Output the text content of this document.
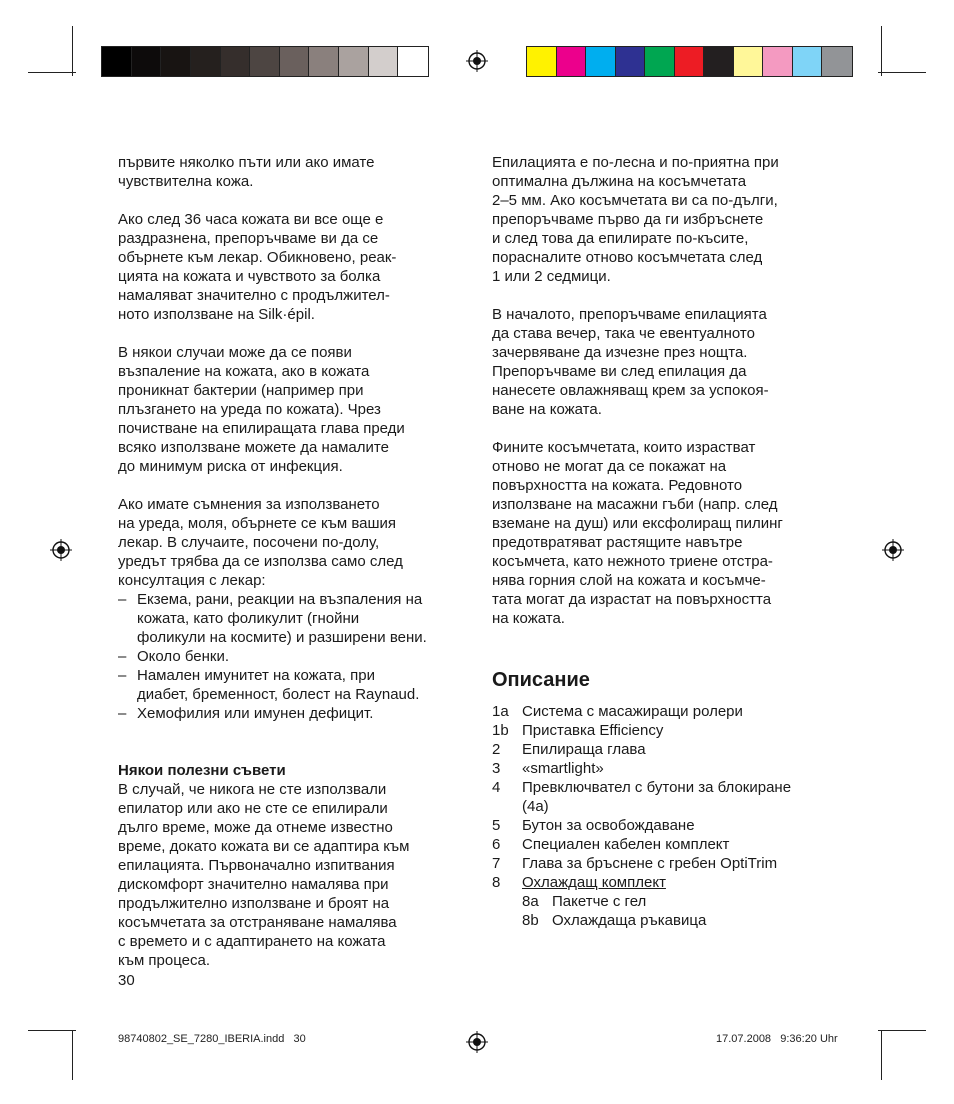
първите няколко пъти или ако имате
чувствителна кожа.

Ако след 36 часа кожата ви все още е
раздразнена, препоръчваме ви да се
обърнете към лекар. Обикновено, реак-
цията на кожата и чувството за болка
намаляват значително с продължител-
ното използване на Silk·épil.

В някои случаи може да се появи
възпаление на кожата, ако в кожата
проникнат бактерии (например при
плъзгането на уреда по кожата). Чрез
почистване на епилиращата глава преди
всяко използване можете да намалите
до минимум риска от инфекция.

Ако имате съмнения за използването
на уреда, моля, обърнете се към вашия
лекар. В случаите, посочени по-долу,
уредът трябва да се използва само след
консултация с лекар:
– Екзема, рани, реакции на възпаления на
кожата, като фоликулит (гнойни
фоликули на космите) и разширени вени.
– Около бенки.
– Намален имунитет на кожата, при
диабет, бременност, болест на Raynaud.
– Хемофилия или имунен дефицит.
Някои полезни съвети
В случай, че никога не сте използвали
епилатор или ако не сте се епилирали
дълго време, може да отнеме известно
време, докато кожата ви се адаптира към
епилацията. Първоначално изпитвания
дискомфорт значително намалява при
продължително използване и броят на
косъмчетата за отстраняване намалява
с времето и с адаптирането на кожата
към процеса.

Епилацията е по-лесна и по-приятна при
оптимална дължина на косъмчетата
2–5 мм. Ако косъмчетата ви са по-дълги,
препоръчваме първо да ги избръснете
и след това да епилирате по-късите,
порасналите отново косъмчетата след
1 или 2 седмици.

В началото, препоръчваме епилацията
да става вечер, така че евентуалното
зачервяване да изчезне през нощта.
Препоръчваме ви след епилация да
нанесете овлажняващ крем за успокоя-
ване на кожата.

Фините косъмчетата, които израстват
отново не могат да се покажат на
повърхността на кожата. Редовното
използване на масажни гъби (напр. след
вземане на душ) или ексфолиращ пилинг
предотвратяват растящите навътре
косъмчета, като нежното триене отстра-
нява горния слой на кожата и косъмче-
тата могат да израстат на повърхността
на кожата.

Описание
1a Система с масажиращи ролери
1b Приставка Efficiency
2	Епилираща глава
3	«smartlight»
4	Превключвател с бутони за блокиране
(4a)
5	Бутон за освобождаване
6	Специален кабелен комплект
7	Глава за бръснене с гребен OptiTrim
8	Охлаждащ комплект
8a Пакетче с гел
8b Охлаждаща ръкавица
30
98740802_SE_7280_IBERIA.indd   30	17.07.2008   9:36:20 Uhr
